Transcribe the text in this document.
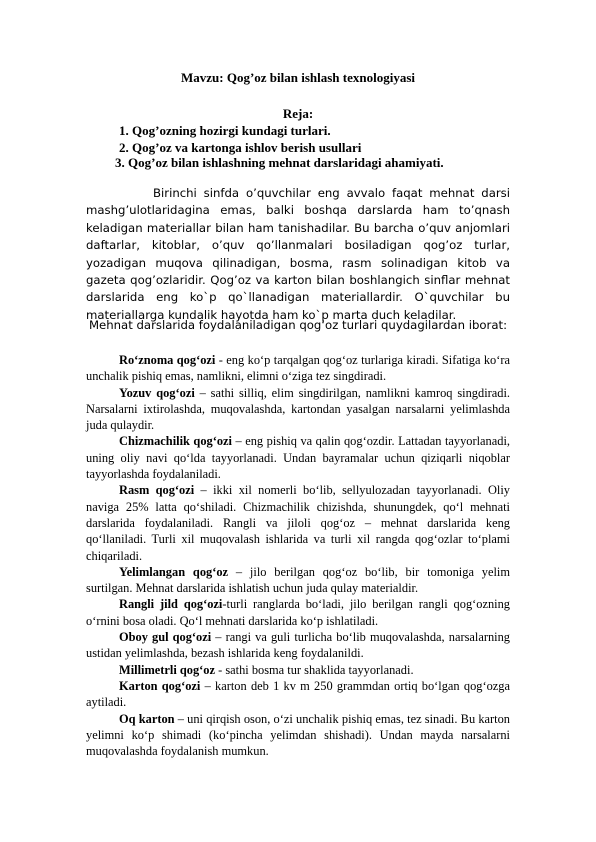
Mavzu: Qog’oz bilan ishlash texnologiyasi
Reja:
1. Qog’ozning hozirgi kundagi turlari.
2. Qog’oz va kartonga ishlov berish usullari
3. Qog’oz bilan ishlashning mehnat darslaridagi ahamiyati.
Birinchi sinfda o’quvchilar eng avvalo faqat mehnat darsi mashg’ulotlaridagina emas, balki boshqa darslarda ham to’qnash keladigan materiallar bilan ham tanishadilar. Bu barcha o’quv anjomlari daftarlar, kitoblar, o’quv qo’llanmalari bosiladigan qog’oz turlar, yozadigan muqova qilinadigan, bosma, rasm solinadigan kitob va gazeta qog’ozlaridir. Qog’oz va karton bilan boshlangich sinflar mehnat darslarida eng ko`p qo`llanadigan materiallardir. O`quvchilar bu materiallarga kundalik hayotda ham ko`p marta duch keladilar.
Mehnat darslarida foydalaniladigan qog‘oz turlari quydagilardan iborat:

Ro‘znoma qog‘ozi - eng ko‘p tarqalgan qog‘oz turlariga kiradi. Sifatiga ko‘ra unchalik pishiq emas, namlikni, elimni o‘ziga tez singdiradi.

Yozuv qog‘ozi – sathi silliq, elim singdirilgan, namlikni kamroq singdiradi. Narsalarni ixtirolashda, muqovalashda, kartondan yasalgan narsalarni yelimlashda juda qulaydir.

Chizmachilik qog‘ozi – eng pishiq va qalin qog‘ozdir. Lattadan tayyorlanadi, uning oliy navi qo‘lda tayyorlanadi. Undan bayramalar uchun qiziqarli niqoblar tayyorlashda foydalaniladi.

Rasm qog‘ozi – ikki xil nomerli bo‘lib, sellyulozadan tayyorlanadi. Oliy naviga 25% latta qo‘shiladi. Chizmachilik chizishda, shunungdek, qo‘l mehnati darslarida foydalaniladi. Rangli va jiloli qog‘oz – mehnat darslarida keng qo‘llaniladi. Turli xil muqovalash ishlarida va turli xil rangda qog‘ozlar to‘plami chiqariladi.

Yelimlangan qog‘oz – jilo berilgan qog‘oz bo‘lib, bir tomoniga yelim surtilgan. Mehnat darslarida ishlatish uchun juda qulay materialdir.

Rangli jild qog‘ozi-turli ranglarda bo‘ladi, jilo berilgan rangli qog‘ozning o‘rnini bosa oladi. Qo‘l mehnati darslarida ko‘p ishlatiladi.

Oboy gul qog‘ozi – rangi va guli turlicha bo‘lib muqovalashda, narsalarning ustidan yelimlashda, bezash ishlarida keng foydalanildi.

Millimetrli qog‘oz - sathi bosma tur shaklida tayyorlanadi.

Karton qog‘ozi – karton deb 1 kv m 250 grammdan ortiq bo‘lgan qog‘ozga aytiladi.

Oq karton – uni qirqish oson, o‘zi unchalik pishiq emas, tez sinadi. Bu karton yelimni ko‘p shimadi (ko‘pincha yelimdan shishadi). Undan mayda narsalarni muqovalashda foydalanish mumkun.
